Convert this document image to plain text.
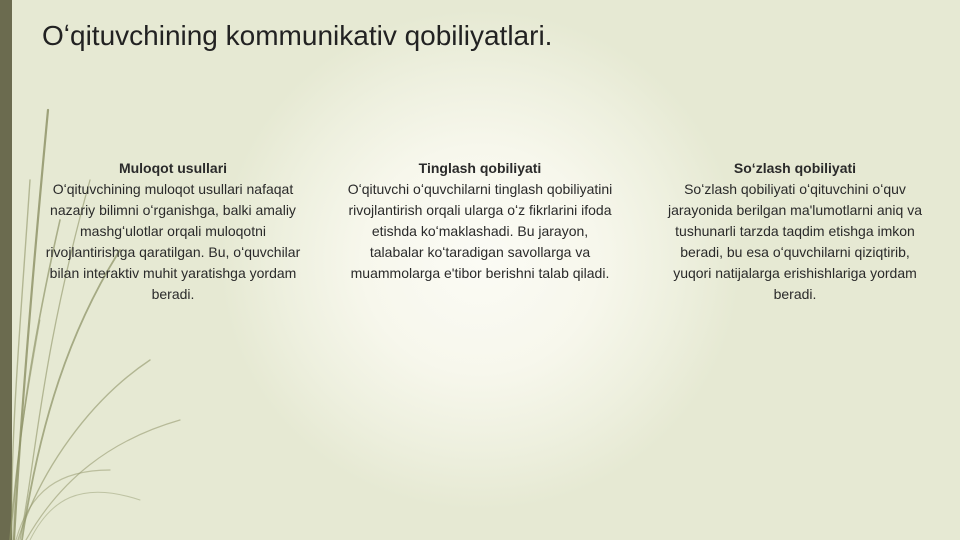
Oʻqituvchining kommunikativ qobiliyatlari.

Muloqot usullari

Oʻqituvchining muloqot usullari nafaqat nazariy bilimni oʻrganishga, balki amaliy mashgʻulotlar orqali muloqotni rivojlantirishga qaratilgan. Bu, oʻquvchilar bilan interaktiv muhit yaratishga yordam beradi.

Tinglash qobiliyati

Oʻqituvchi oʻquvchilarni tinglash qobiliyatini rivojlantirish orqali ularga oʻz fikrlarini ifoda etishda koʻmaklashadi. Bu jarayon, talabalar koʻtaradigan savollarga va muammolarga e'tibor berishni talab qiladi.

Soʻzlash qobiliyati

Soʻzlash qobiliyati oʻqituvchini oʻquv jarayonida berilgan ma'lumotlarni aniq va tushunarli tarzda taqdim etishga imkon beradi, bu esa oʻquvchilarni qiziqtirib, yuqori natijalarga erishishlariga yordam beradi.
